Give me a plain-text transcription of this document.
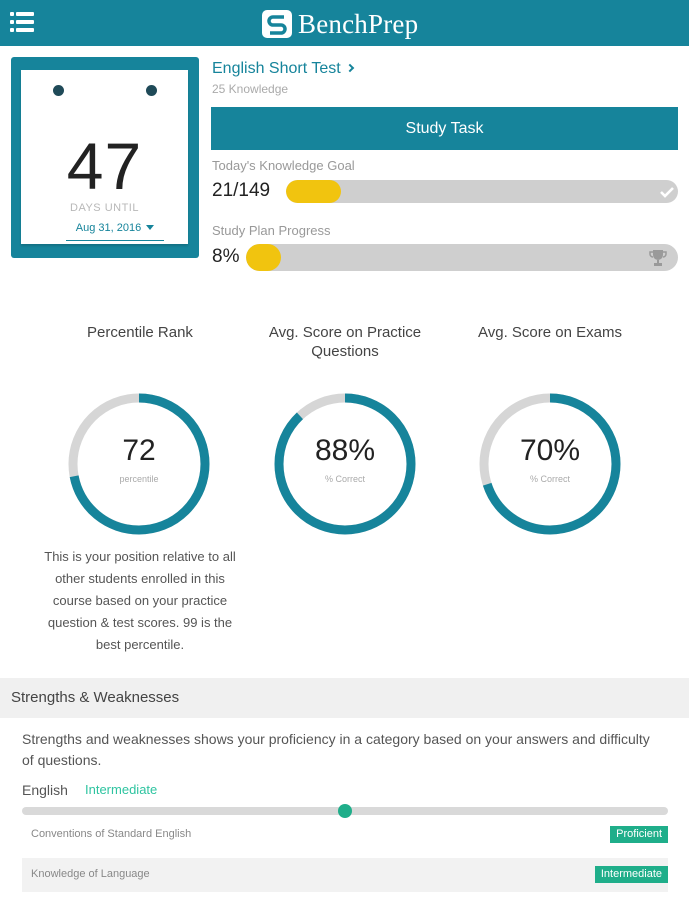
BenchPrep
47
DAYS UNTIL
Aug 31, 2016
English Short Test
25 Knowledge
Study Task
Today's Knowledge Goal
21/149
Study Plan Progress
8%
Percentile Rank	Avg. Score on Practice Questions
Avg. Score on Exams
72
percentile
88%
% Correct
70%
% Correct
This is your position relative to all other students enrolled in this course based on your practice question & test scores. 99 is the best percentile.
Strengths & Weaknesses
Strengths and weaknesses shows your proficiency in a category based on your answers and difficulty of questions.
English Intermediate
Conventions of Standard English	Proficient
Knowledge of Language	Intermediate
